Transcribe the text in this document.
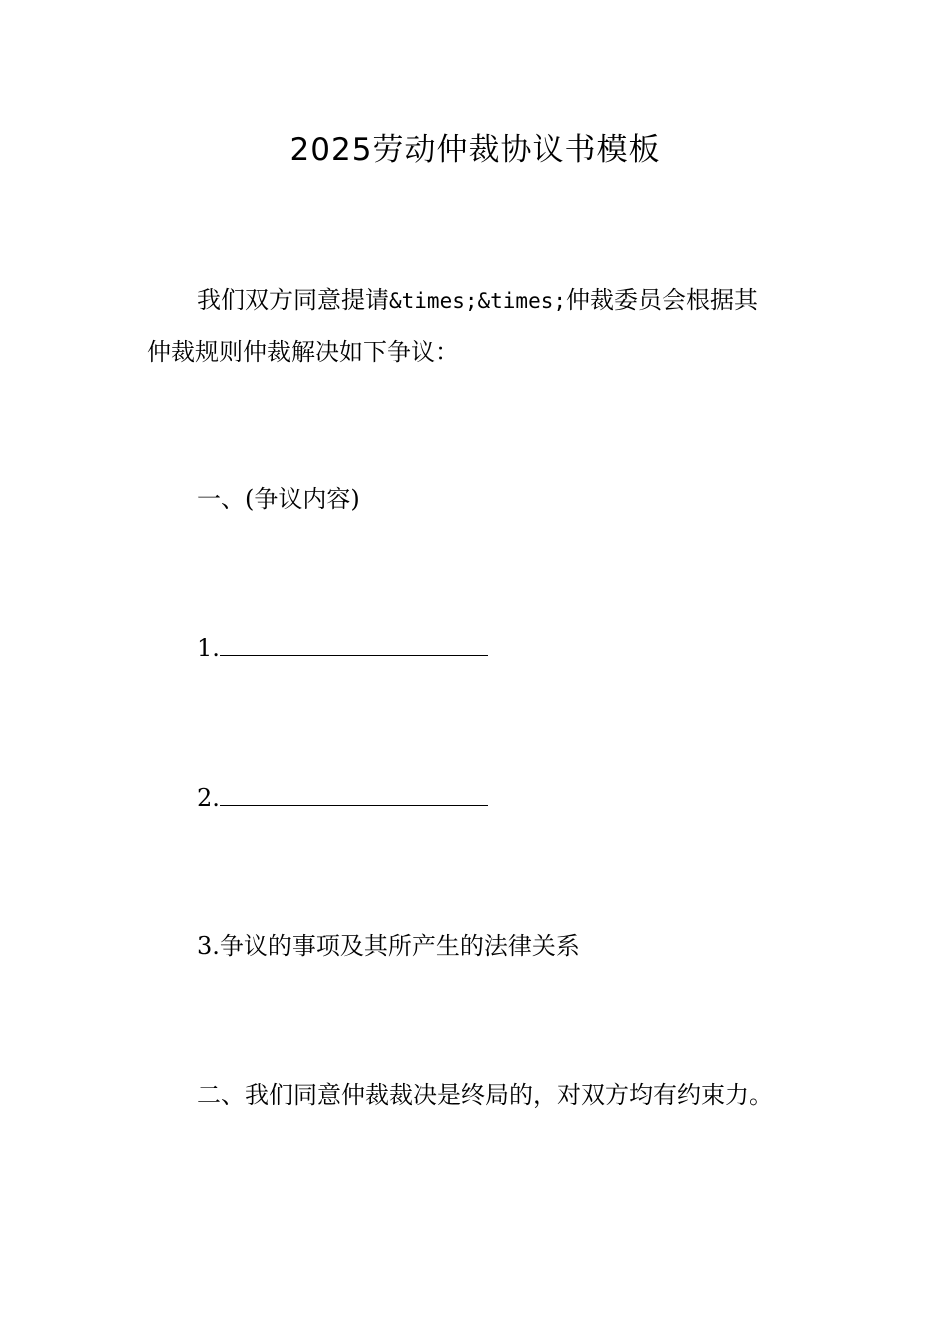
2025劳动仲裁协议书模板

我们双方同意提请&times;&times;仲裁委员会根据其

仲裁规则仲裁解决如下争议：

一、(争议内容)

1.

2.

3.争议的事项及其所产生的法律关系

二、我们同意仲裁裁决是终局的，对双方均有约束力。
